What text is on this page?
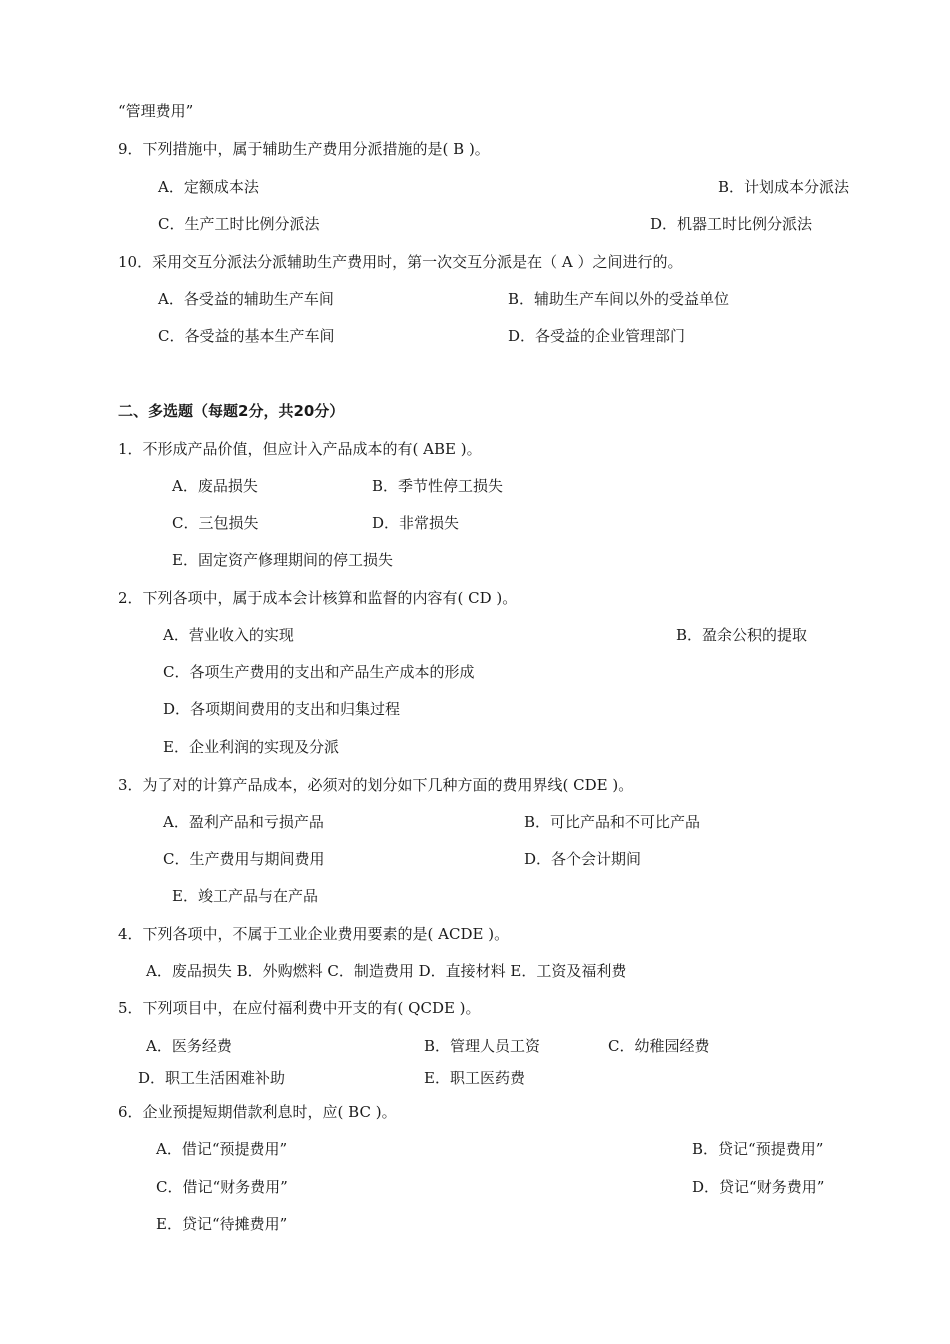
“管理费用”
9．下列措施中，属于辅助生产费用分派措施的是( B )。
A．定额成本法	B．计划成本分派法
C．生产工时比例分派法	D．机器工时比例分派法
10．采用交互分派法分派辅助生产费用时，第一次交互分派是在（ A ）之间进行的。
A．各受益的辅助生产车间	B．辅助生产车间以外的受益单位
C．各受益的基本生产车间	D．各受益的企业管理部门
二、多选题（每题2分，共20分）
1．不形成产品价值，但应计入产品成本的有( ABE )。
A．废品损失	B．季节性停工损失
C．三包损失	D．非常损失
E．固定资产修理期间的停工损失
2．下列各项中，属于成本会计核算和监督的内容有( CD )。
A．营业收入的实现	B．盈余公积的提取
C．各项生产费用的支出和产品生产成本的形成
D．各项期间费用的支出和归集过程
E．企业利润的实现及分派
3．为了对的计算产品成本，必须对的划分如下几种方面的费用界线( CDE )。
A．盈利产品和亏损产品	B．可比产品和不可比产品
C．生产费用与期间费用	D．各个会计期间
E．竣工产品与在产品
4．下列各项中，不属于工业企业费用要素的是( ACDE )。
A．废品损失 B．外购燃料 C．制造费用 D．直接材料 E．工资及福利费
5．下列项目中，在应付福利费中开支的有( QCDE )。
A．医务经费	B．管理人员工资	C．幼稚园经费
D．职工生活困难补助	E．职工医药费
6．企业预提短期借款利息时，应( BC )。
A．借记“预提费用”	B．贷记“预提费用”
C．借记“财务费用”	D．贷记“财务费用”
E．贷记“待摊费用”
